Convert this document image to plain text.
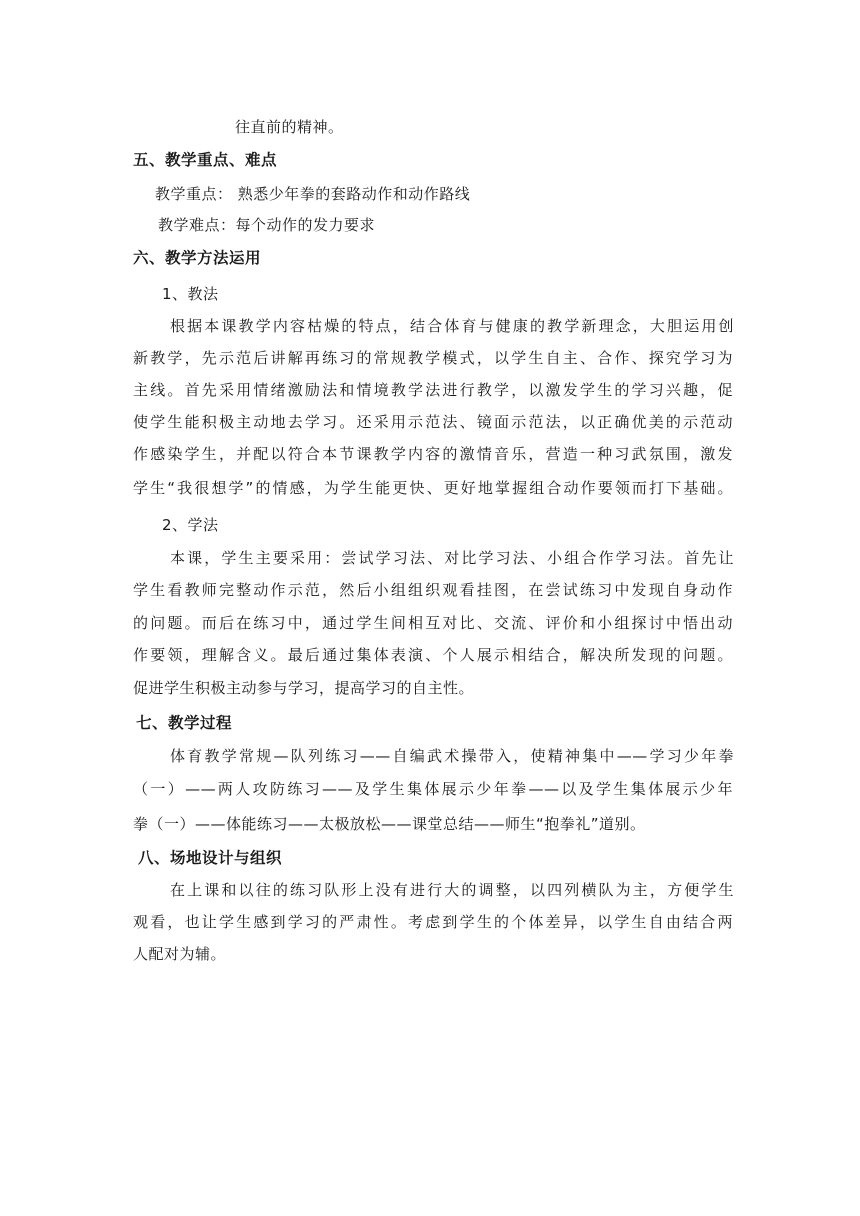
往直前的精神。
五、教学重点、难点
教学重点： 熟悉少年拳的套路动作和动作路线
教学难点：每个动作的发力要求
六、教学方法运用
1、教法
根据本课教学内容枯燥的特点，结合体育与健康的教学新理念，大胆运用创
新教学，先示范后讲解再练习的常规教学模式，以学生自主、合作、探究学习为
主线。首先采用情绪激励法和情境教学法进行教学，以激发学生的学习兴趣，促
使学生能积极主动地去学习。还采用示范法、镜面示范法，以正确优美的示范动
作感染学生，并配以符合本节课教学内容的激情音乐，营造一种习武氛围，激发
学生“我很想学”的情感，为学生能更快、更好地掌握组合动作要领而打下基础。
2、学法
本课，学生主要采用：尝试学习法、对比学习法、小组合作学习法。首先让
学生看教师完整动作示范，然后小组组织观看挂图，在尝试练习中发现自身动作
的问题。而后在练习中，通过学生间相互对比、交流、评价和小组探讨中悟出动
作要领，理解含义。最后通过集体表演、个人展示相结合，解决所发现的问题。
促进学生积极主动参与学习，提高学习的自主性。
七、教学过程
体育教学常规—队列练习——自编武术操带入，使精神集中——学习少年拳
（一）——两人攻防练习——及学生集体展示少年拳——以及学生集体展示少年
拳（一）——体能练习——太极放松——课堂总结——师生“抱拳礼”道别。
八、场地设计与组织
在上课和以往的练习队形上没有进行大的调整，以四列横队为主，方便学生
观看，也让学生感到学习的严肃性。考虑到学生的个体差异，以学生自由结合两
人配对为辅。
